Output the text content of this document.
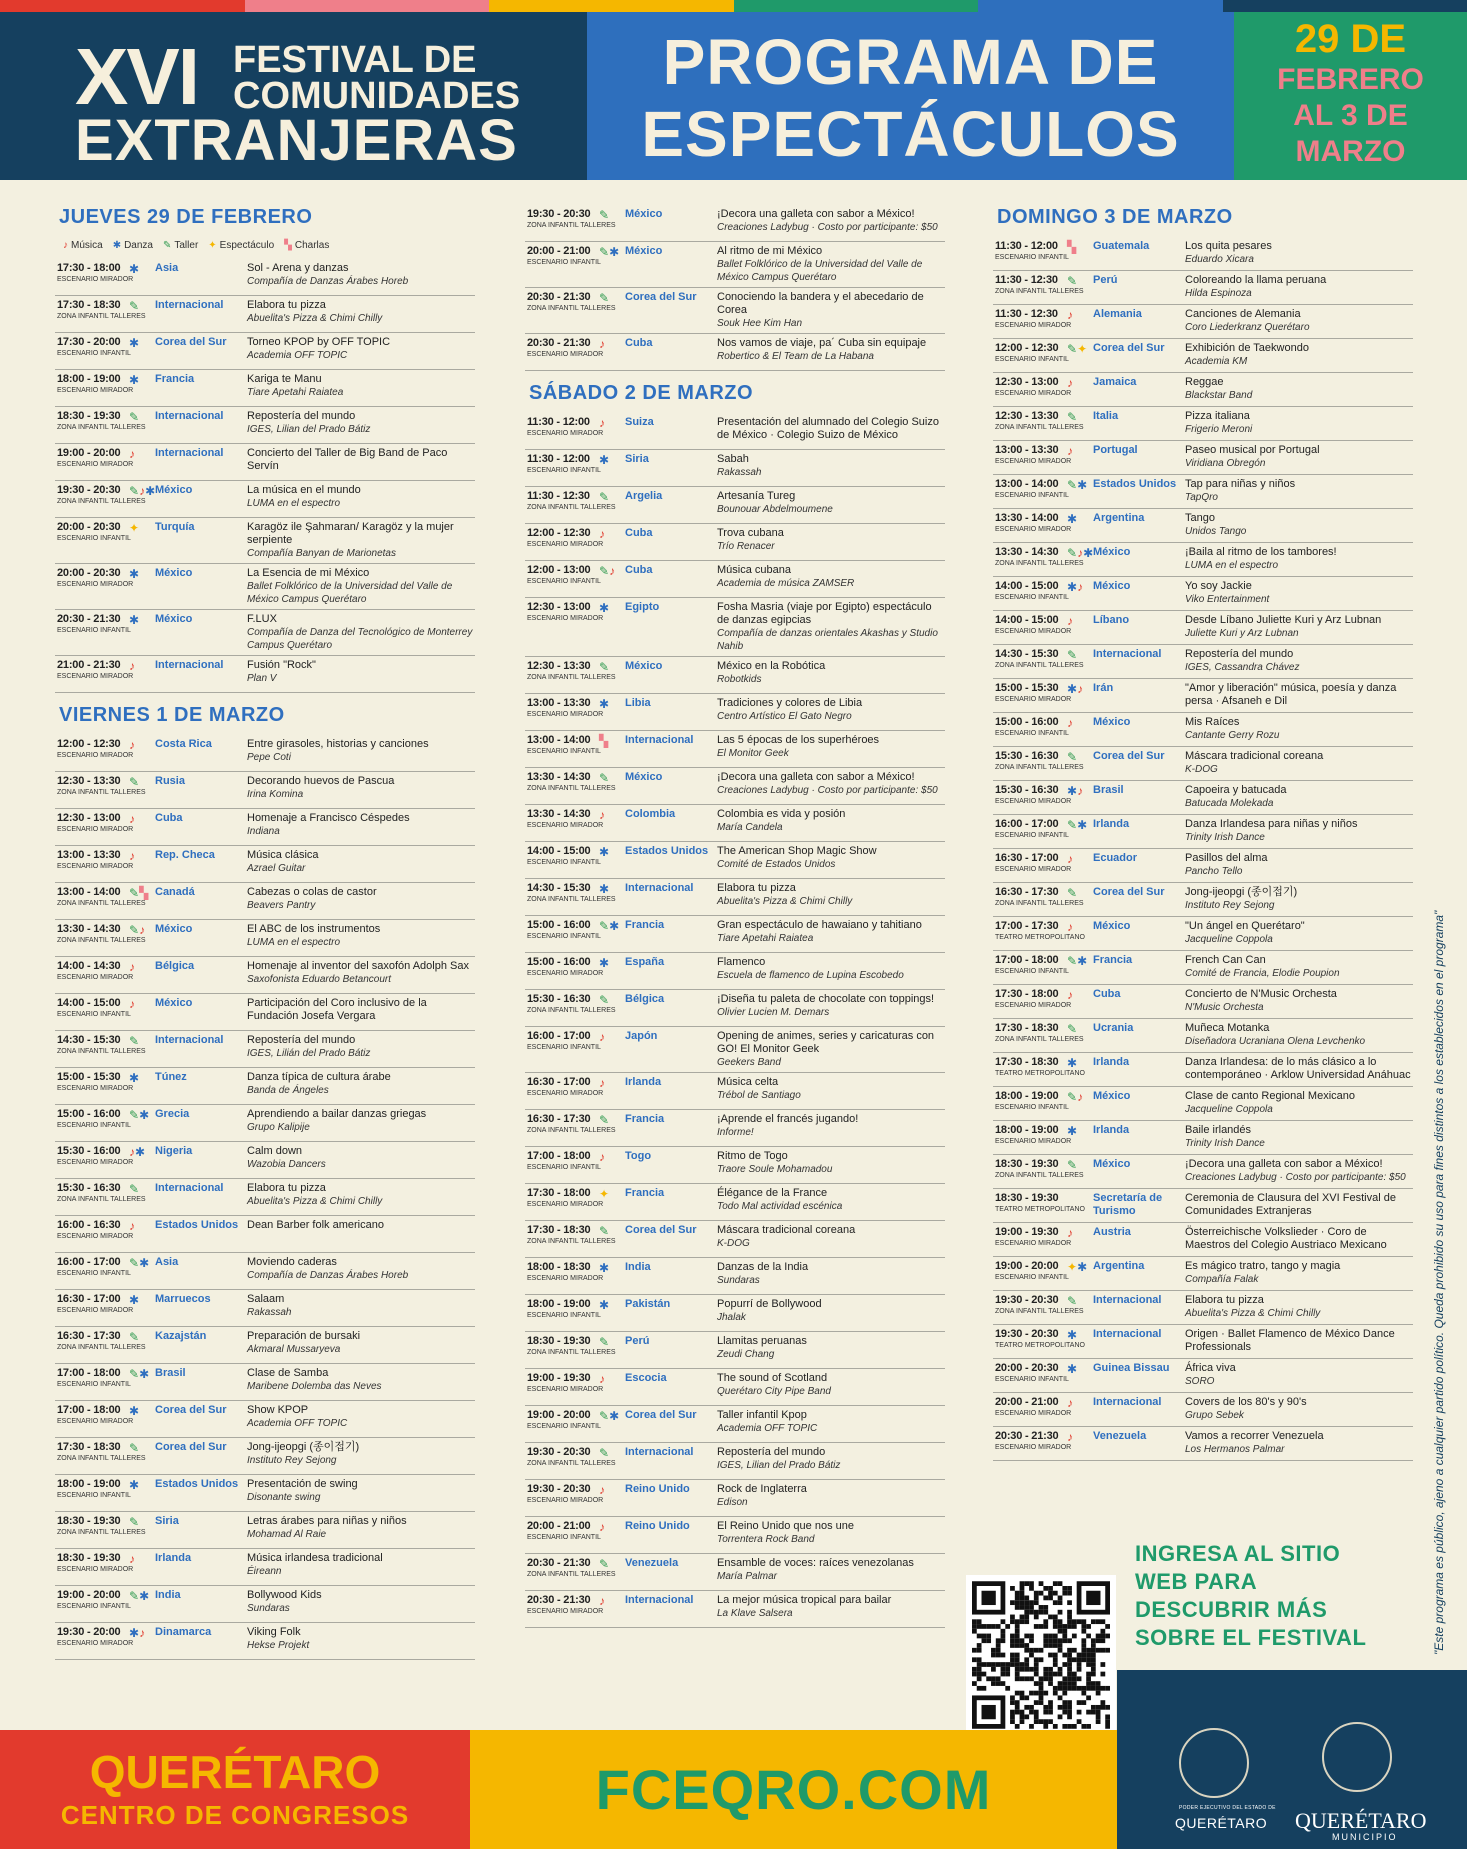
XVI FESTIVAL DE
COMUNIDADES
EXTRANJERAS
PROGRAMA DE
ESPECTÁCULOS
29 DE
FEBRERO
AL 3 DE
MARZO
JUEVES 29 DE FEBRERO
♪ Música ✱ Danza ✎ Taller ✦ Espectáculo ▚ Charlas
17:30 - 18:00
ESCENARIO MIRADOR
✱	Asia	Sol - Arena y danzas
Compañía de Danzas Árabes Horeb
17:30 - 18:30
ZONA INFANTIL TALLERES
✎	Internacional	Elabora tu pizza
Abuelita's Pizza & Chimi Chilly
17:30 - 20:00
ESCENARIO INFANTIL
✱	Corea del Sur	Torneo KPOP by OFF TOPIC
Academia OFF TOPIC
18:00 - 19:00
ESCENARIO MIRADOR
✱	Francia	Kariga te Manu
Tiare Apetahi Raiatea
18:30 - 19:30
ZONA INFANTIL TALLERES
✎	Internacional	Repostería del mundo
IGES, Lilian del Prado Bátiz
19:00 - 20:00
ESCENARIO MIRADOR
♪	Internacional	Concierto del Taller de Big Band de Paco Servín
19:30 - 20:30
ZONA INFANTIL TALLERES
✎♪✱ México	La música en el mundo
LUMA en el espectro
20:00 - 20:30
ESCENARIO INFANTIL
✦	Turquía	Karagöz ile Şahmaran/ Karagöz y la mujer serpiente
Compañía Banyan de Marionetas
20:00 - 20:30
ESCENARIO MIRADOR
✱	México	La Esencia de mi México
Ballet Folklórico de la Universidad del Valle de México Campus Querétaro
20:30 - 21:30
ESCENARIO INFANTIL
✱	México	F.LUX
Compañía de Danza del Tecnológico de Monterrey Campus Querétaro
21:00 - 21:30
ESCENARIO MIRADOR
♪	Internacional	Fusión "Rock"
Plan V
VIERNES 1 DE MARZO
12:00 - 12:30
ESCENARIO MIRADOR
♪	Costa Rica	Entre girasoles, historias y canciones
Pepe Coti
12:30 - 13:30
ZONA INFANTIL TALLERES
✎	Rusia	Decorando huevos de Pascua
Irina Komina
12:30 - 13:00
ESCENARIO MIRADOR
♪	Cuba	Homenaje a Francisco Céspedes
Indiana
13:00 - 13:30
ESCENARIO MIRADOR
♪	Rep. Checa	Música clásica
Azrael Guitar
13:00 - 14:00
ZONA INFANTIL TALLERES
✎▚ Canadá	Cabezas o colas de castor
Beavers Pantry
13:30 - 14:30
ZONA INFANTIL TALLERES
✎♪ México	El ABC de los instrumentos
LUMA en el espectro
14:00 - 14:30
ESCENARIO MIRADOR
♪	Bélgica	Homenaje al inventor del saxofón Adolph Sax
Saxofonista Eduardo Betancourt
14:00 - 15:00
ESCENARIO INFANTIL
♪	México	Participación del Coro inclusivo de la Fundación Josefa Vergara
14:30 - 15:30
ZONA INFANTIL TALLERES
✎	Internacional	Repostería del mundo
IGES, Lilián del Prado Bátiz
15:00 - 15:30
ESCENARIO MIRADOR
✱	Túnez	Danza típica de cultura árabe
Banda de Ángeles
15:00 - 16:00
ESCENARIO INFANTIL
✎✱ Grecia	Aprendiendo a bailar danzas griegas
Grupo Kalipije
15:30 - 16:00
ESCENARIO MIRADOR
♪✱ Nigeria	Calm down
Wazobia Dancers
15:30 - 16:30
ZONA INFANTIL TALLERES
✎	Internacional	Elabora tu pizza
Abuelita's Pizza & Chimi Chilly
16:00 - 16:30
ESCENARIO MIRADOR
♪	Estados Unidos Dean Barber folk americano
16:00 - 17:00
ESCENARIO INFANTIL
✎✱ Asia	Moviendo caderas
Compañía de Danzas Árabes Horeb
16:30 - 17:00
ESCENARIO MIRADOR
✱	Marruecos	Salaam
Rakassah
16:30 - 17:30
ZONA INFANTIL TALLERES
✎	Kazajstán	Preparación de bursaki
Akmaral Mussaryeva
17:00 - 18:00
ESCENARIO INFANTIL
✎✱ Brasil	Clase de Samba
Maribene Dolemba das Neves
17:00 - 18:00
ESCENARIO MIRADOR
✱	Corea del Sur	Show KPOP
Academia OFF TOPIC
17:30 - 18:30
ZONA INFANTIL TALLERES
✎	Corea del Sur	Jong-ijeopgi (종이접기)
Instituto Rey Sejong
18:00 - 19:00
ESCENARIO INFANTIL
✱	Estados Unidos Presentación de swing
Disonante swing
18:30 - 19:30
ZONA INFANTIL TALLERES
✎	Siria	Letras árabes para niñas y niños
Mohamad Al Raie
18:30 - 19:30
ESCENARIO MIRADOR
♪	Irlanda	Música irlandesa tradicional
Éireann
19:00 - 20:00
ESCENARIO INFANTIL
✎✱ India	Bollywood Kids
Sundaras
19:30 - 20:00
ESCENARIO MIRADOR
✱♪ Dinamarca	Viking Folk
Hekse Projekt
19:30 - 20:30
ZONA INFANTIL TALLERES
✎	México	¡Decora una galleta con sabor a México!
Creaciones Ladybug · Costo por participante: $50
20:00 - 21:00
ESCENARIO INFANTIL
✎✱ México	Al ritmo de mi México
Ballet Folklórico de la Universidad del Valle de México Campus Querétaro
20:30 - 21:30
ZONA INFANTIL TALLERES
✎	Corea del Sur	Conociendo la bandera y el abecedario de Corea
Souk Hee Kim Han
20:30 - 21:30
ESCENARIO MIRADOR
♪	Cuba	Nos vamos de viaje, pa´ Cuba sin equipaje
Robertico & El Team de La Habana
SÁBADO 2 DE MARZO
11:30 - 12:00
ESCENARIO MIRADOR
♪	Suiza	Presentación del alumnado del Colegio Suizo de México · Colegio Suizo de México
11:30 - 12:00
ESCENARIO INFANTIL
✱	Siria	Sabah
Rakassah
11:30 - 12:30
ZONA INFANTIL TALLERES
✎	Argelia	Artesanía Tureg
Bounouar Abdelmoumene
12:00 - 12:30
ESCENARIO MIRADOR
♪	Cuba	Trova cubana
Trío Renacer
12:00 - 13:00
ESCENARIO INFANTIL
✎♪ Cuba	Música cubana
Academia de música ZAMSER
12:30 - 13:00
ESCENARIO MIRADOR
✱	Egipto	Fosha Masria (viaje por Egipto) espectáculo de danzas egipcias
Compañía de danzas orientales Akashas y Studio Nahib
12:30 - 13:30
ZONA INFANTIL TALLERES
✎	México	México en la Robótica
Robotkids
13:00 - 13:30
ESCENARIO MIRADOR
✱	Libia	Tradiciones y colores de Libia
Centro Artístico El Gato Negro
13:00 - 14:00
ESCENARIO INFANTIL
▚	Internacional	Las 5 épocas de los superhéroes
El Monitor Geek
13:30 - 14:30
ZONA INFANTIL TALLERES
✎	México	¡Decora una galleta con sabor a México!
Creaciones Ladybug · Costo por participante: $50
13:30 - 14:30
ESCENARIO MIRADOR
♪	Colombia	Colombia es vida y posión
María Candela
14:00 - 15:00
ESCENARIO INFANTIL
✱	Estados Unidos The American Shop Magic Show
Comité de Estados Unidos
14:30 - 15:30
ZONA INFANTIL TALLERES
✱	Internacional	Elabora tu pizza
Abuelita's Pizza & Chimi Chilly
15:00 - 16:00
ESCENARIO INFANTIL
✎✱ Francia	Gran espectáculo de hawaiano y tahitiano
Tiare Apetahi Raiatea
15:00 - 16:00
ESCENARIO MIRADOR
✱	España	Flamenco
Escuela de flamenco de Lupina Escobedo
15:30 - 16:30
ZONA INFANTIL TALLERES
✎	Bélgica	¡Diseña tu paleta de chocolate con toppings!
Olivier Lucien M. Demars
16:00 - 17:00
ESCENARIO INFANTIL
♪	Japón	Opening de animes, series y caricaturas con GO! El Monitor Geek
Geekers Band
16:30 - 17:00
ESCENARIO MIRADOR
♪	Irlanda	Música celta
Trébol de Santiago
16:30 - 17:30
ZONA INFANTIL TALLERES
✎	Francia	¡Aprende el francés jugando!
Informe!
17:00 - 18:00
ESCENARIO INFANTIL
♪	Togo	Ritmo de Togo
Traore Soule Mohamadou
17:30 - 18:00
ESCENARIO MIRADOR
✦	Francia	Élégance de la France
Todo Mal actividad escénica
17:30 - 18:30
ZONA INFANTIL TALLERES
✎	Corea del Sur	Máscara tradicional coreana
K-DOG
18:00 - 18:30
ESCENARIO MIRADOR
✱	India	Danzas de la India
Sundaras
18:00 - 19:00
ESCENARIO INFANTIL
✱	Pakistán	Popurrí de Bollywood
Jhalak
18:30 - 19:30
ZONA INFANTIL TALLERES
✎	Perú	Llamitas peruanas
Zeudi Chang
19:00 - 19:30
ESCENARIO MIRADOR
♪	Escocia	The sound of Scotland
Querétaro City Pipe Band
19:00 - 20:00
ESCENARIO INFANTIL
✎✱ Corea del Sur	Taller infantil Kpop
Academia OFF TOPIC
19:30 - 20:30
ZONA INFANTIL TALLERES
✎	Internacional	Repostería del mundo
IGES, Lilian del Prado Bátiz
19:30 - 20:30
ESCENARIO MIRADOR
♪	Reino Unido	Rock de Inglaterra
Edison
20:00 - 21:00
ESCENARIO INFANTIL
♪	Reino Unido	El Reino Unido que nos une
Torrentera Rock Band
20:30 - 21:30
ZONA INFANTIL TALLERES
✎	Venezuela	Ensamble de voces: raíces venezolanas
María Palmar
20:30 - 21:30
ESCENARIO MIRADOR
♪	Internacional	La mejor música tropical para bailar
La Klave Salsera
DOMINGO 3 DE MARZO
11:30 - 12:00
ESCENARIO INFANTIL
▚	Guatemala	Los quita pesares
Eduardo Xicara
11:30 - 12:30
ZONA INFANTIL TALLERES
✎	Perú	Coloreando la llama peruana
Hilda Espinoza
11:30 - 12:30
ESCENARIO MIRADOR
♪	Alemania	Canciones de Alemania
Coro Liederkranz Querétaro
12:00 - 12:30
ESCENARIO INFANTIL
✎✦ Corea del Sur	Exhibición de Taekwondo
Academia KM
12:30 - 13:00
ESCENARIO MIRADOR
♪	Jamaica	Reggae
Blackstar Band
12:30 - 13:30
ZONA INFANTIL TALLERES
✎	Italia	Pizza italiana
Frigerio Meroni
13:00 - 13:30
ESCENARIO MIRADOR
♪	Portugal	Paseo musical por Portugal
Viridiana Obregón
13:00 - 14:00
ESCENARIO INFANTIL
✎✱ Estados Unidos Tap para niñas y niños
TapQro
13:30 - 14:00
ESCENARIO MIRADOR
✱	Argentina	Tango
Unidos Tango
13:30 - 14:30
ZONA INFANTIL TALLERES
✎♪✱ México	¡Baila al ritmo de los tambores!
LUMA en el espectro
14:00 - 15:00
ESCENARIO INFANTIL
✱♪ México	Yo soy Jackie
Viko Entertainment
14:00 - 15:00
ESCENARIO MIRADOR
♪	Líbano	Desde Líbano Juliette Kuri y Arz Lubnan
Juliette Kuri y Arz Lubnan
14:30 - 15:30
ZONA INFANTIL TALLERES
✎	Internacional	Repostería del mundo
IGES, Cassandra Chávez
15:00 - 15:30
ESCENARIO MIRADOR
✱♪ Irán	"Amor y liberación" música, poesía y danza persa · Afsaneh e Dil
15:00 - 16:00
ESCENARIO INFANTIL
♪	México	Mis Raíces
Cantante Gerry Rozu
15:30 - 16:30
ZONA INFANTIL TALLERES
✎	Corea del Sur	Máscara tradicional coreana
K-DOG
15:30 - 16:30
ESCENARIO MIRADOR
✱♪ Brasil	Capoeira y batucada
Batucada Molekada
16:00 - 17:00
ESCENARIO INFANTIL
✎✱ Irlanda	Danza Irlandesa para niñas y niños
Trinity Irish Dance
16:30 - 17:00
ESCENARIO MIRADOR
♪	Ecuador	Pasillos del alma
Pancho Tello
16:30 - 17:30
ZONA INFANTIL TALLERES
✎	Corea del Sur	Jong-ijeopgi (종이접기)
Instituto Rey Sejong
17:00 - 17:30
TEATRO METROPOLITANO
♪	México	"Un ángel en Querétaro"
Jacqueline Coppola
17:00 - 18:00
ESCENARIO INFANTIL
✎✱ Francia	French Can Can
Comité de Francia, Elodie Poupion
17:30 - 18:00
ESCENARIO MIRADOR
♪	Cuba	Concierto de N'Music Orchesta
N'Music Orchesta
17:30 - 18:30
ZONA INFANTIL TALLERES
✎	Ucrania	Muñeca Motanka
Diseñadora Ucraniana Olena Levchenko
17:30 - 18:30
TEATRO METROPOLITANO
✱	Irlanda	Danza Irlandesa: de lo más clásico a lo contemporáneo · Arklow Universidad Anáhuac
18:00 - 19:00
ESCENARIO INFANTIL
✎♪ México	Clase de canto Regional Mexicano
Jacqueline Coppola
18:00 - 19:00
ESCENARIO MIRADOR
✱	Irlanda	Baile irlandés
Trinity Irish Dance
18:30 - 19:30
ZONA INFANTIL TALLERES
✎	México	¡Decora una galleta con sabor a México!
Creaciones Ladybug · Costo por participante: $50
18:30 - 19:30
TEATRO METROPOLITANO
Secretaría de Turismo
Ceremonia de Clausura del XVI Festival de Comunidades Extranjeras
19:00 - 19:30
ESCENARIO MIRADOR
♪	Austria	Österreichische Volkslieder · Coro de Maestros del Colegio Austriaco Mexicano
19:00 - 20:00
ESCENARIO INFANTIL
✦✱ Argentina	Es mágico tratro, tango y magia
Compañía Falak
19:30 - 20:30
ZONA INFANTIL TALLERES
✎	Internacional	Elabora tu pizza
Abuelita's Pizza & Chimi Chilly
19:30 - 20:30
TEATRO METROPOLITANO
✱	Internacional	Origen · Ballet Flamenco de México Dance Professionals
20:00 - 20:30
ESCENARIO INFANTIL
✱	Guinea Bissau	África viva
SORO
20:00 - 21:00
ESCENARIO MIRADOR
♪	Internacional	Covers de los 80's y 90's
Grupo Sebek
20:30 - 21:30
ESCENARIO MIRADOR
♪	Venezuela	Vamos a recorrer Venezuela
Los Hermanos Palmar
INGRESA AL SITIO
WEB PARA
DESCUBRIR MÁS
SOBRE EL FESTIVAL	"Este programa es público, ajeno a cualquier partido político. Queda prohibido su uso para fines distintos a los establecidos en el programa"
QUERÉTARO
CENTRO DE CONGRESOS	FCEQRO.COM	PODER EJECUTIVO DEL ESTADO DE
QUERÉTARO QUERÉTARO
MUNICIPIO
